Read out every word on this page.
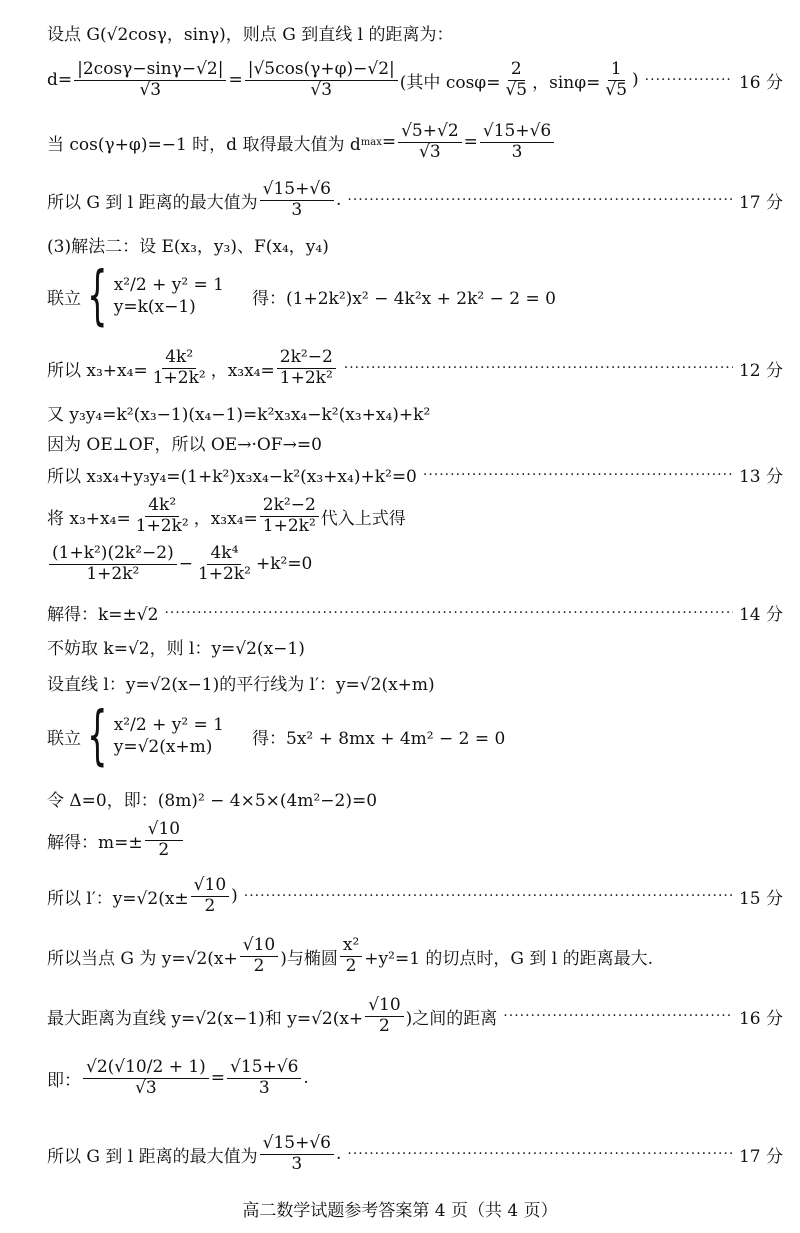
设点 G(√2cosγ，sinγ)，则点 G 到直线 l 的距离为：
$d= \frac{|2\cos\gamma-\sin\gamma-√2|}{√3} = \frac{|√5\cos(\gamma+\varphi)-√2|}{√3}$ (其中 $\cos\varphi= \frac{2}{√5}$ ，$\sin\varphi= \frac{1}{√5}$ ) ·····	16 分
当 cos(γ+φ)=−1 时，d 取得最大值为 d $\max = \frac{√5+√2}{√3} = \frac{√15+√6}{3}$
所以 G 到 l 距离的最大值为 $\frac{√15+√6}{3}$ . ·····	17 分
(3)解法二：设 E(x₃，y₃)、F(x₄，y₄)
联立 { x²/2 + y² = 1
y=k(x−1)	得：(1+2k²)x² − 4k²x + 2k² − 2 = 0
所以 $x_3+x_4= \frac{\text{4k²}}{\text{1+2k²}}$ ，$x_3x_4= \frac{\text{2k²−2}}{\text{1+2k²}}$ ·····	12 分
又 y₃y₄=k²(x₃−1)(x₄−1)=k²x₃x₄−k²(x₃+x₄)+k²
因为 OE⊥OF，所以 OE→·OF→=0
所以 x₃x₄+y₃y₄=(1+k²)x₃x₄−k²(x₃+x₄)+k²=0 ·····	13 分
将 $x_3+x_4= \frac{\text{4k²}}{\text{1+2k²}}$ ，$x_3x_4= \frac{\text{2k²−2}}{\text{1+2k²}}$ 代入上式得
$\frac{\text{(1+k²)(2k²−2)}}{\text{1+2k²}} - \frac{\text{4k⁴}}{\text{1+2k²}} +k^2=0$
解得：k=±√2 ·····	14 分
不妨取 k=√2，则 l：y=√2(x−1)
设直线 l：y=√2(x−1)的平行线为 l′：y=√2(x+m)
联立 { x²/2 + y² = 1
y=√2(x+m)	得：5x² + 8mx + 4m² − 2 = 0
令 Δ=0，即：(8m)² − 4×5×(4m²−2)=0
解得：$m=\pm \frac{√10}{2}$
所以 l′：$y=√2(x\pm \frac{√10}{2}$ ) ·····	15 分
所以当点 G 为 $y=√2(x+ \frac{√10}{2}$ )与椭圆 $\frac{\text{x²}}{2} +y^2=1$ 的切点时，G 到 l 的距离最大.
最大距离为直线 y=√2(x−1)和 $y=√2(x+ \frac{√10}{2}$ )之间的距离 ·····	16 分
即： $\frac{√2(√10/2 + 1)}{√3} = \frac{√15+√6}{3}$ .
所以 G 到 l 距离的最大值为 $\frac{√15+√6}{3}$ . ·····	17 分
高二数学试题参考答案第 4 页（共 4 页）
